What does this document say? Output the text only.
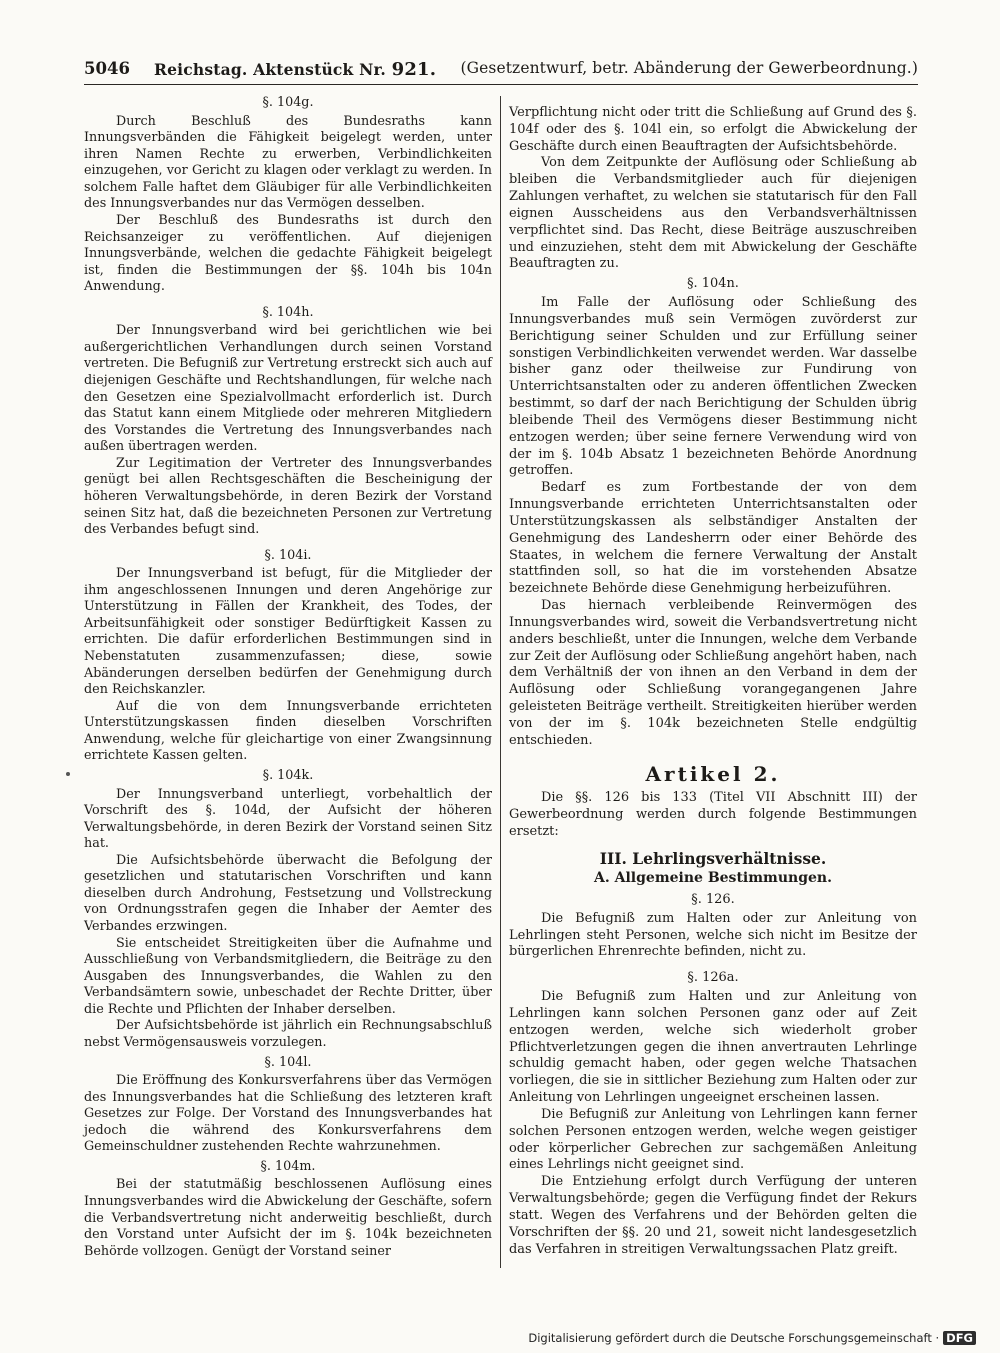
5046 Reichstag. Aktenstück Nr. 921. (Gesetzentwurf, betr. Abänderung der Gewerbeordnung.)
§. 104g.

Durch Beschluß des Bundesraths kann Innungsverbänden die Fähigkeit beigelegt werden, unter ihren Namen Rechte zu erwerben, Verbindlichkeiten einzugehen, vor Gericht zu klagen oder verklagt zu werden. In solchem Falle haftet dem Gläubiger für alle Verbindlichkeiten des Innungsverbandes nur das Vermögen desselben.

Der Beschluß des Bundesraths ist durch den Reichsanzeiger zu veröffentlichen. Auf diejenigen Innungsverbände, welchen die gedachte Fähigkeit beigelegt ist, finden die Bestimmungen der §§. 104h bis 104n Anwendung.

§. 104h.

Der Innungsverband wird bei gerichtlichen wie bei außergerichtlichen Verhandlungen durch seinen Vorstand vertreten. Die Befugniß zur Vertretung erstreckt sich auch auf diejenigen Geschäfte und Rechtshandlungen, für welche nach den Gesetzen eine Spezialvollmacht erforderlich ist. Durch das Statut kann einem Mitgliede oder mehreren Mitgliedern des Vorstandes die Vertretung des Innungsverbandes nach außen übertragen werden.

Zur Legitimation der Vertreter des Innungsverbandes genügt bei allen Rechtsgeschäften die Bescheinigung der höheren Verwaltungsbehörde, in deren Bezirk der Vorstand seinen Sitz hat, daß die bezeichneten Personen zur Vertretung des Verbandes befugt sind.

§. 104i.

Der Innungsverband ist befugt, für die Mitglieder der ihm angeschlossenen Innungen und deren Angehörige zur Unterstützung in Fällen der Krankheit, des Todes, der Arbeitsunfähigkeit oder sonstiger Bedürftigkeit Kassen zu errichten. Die dafür erforderlichen Bestimmungen sind in Nebenstatuten zusammenzufassen; diese, sowie Abänderungen derselben bedürfen der Genehmigung durch den Reichskanzler.

Auf die von dem Innungsverbande errichteten Unterstützungskassen finden dieselben Vorschriften Anwendung, welche für gleichartige von einer Zwangsinnung errichtete Kassen gelten.

§. 104k.

Der Innungsverband unterliegt, vorbehaltlich der Vorschrift des §. 104d, der Aufsicht der höheren Verwaltungsbehörde, in deren Bezirk der Vorstand seinen Sitz hat.

Die Aufsichtsbehörde überwacht die Befolgung der gesetzlichen und statutarischen Vorschriften und kann dieselben durch Androhung, Festsetzung und Vollstreckung von Ordnungsstrafen gegen die Inhaber der Aemter des Verbandes erzwingen.

Sie entscheidet Streitigkeiten über die Aufnahme und Ausschließung von Verbandsmitgliedern, die Beiträge zu den Ausgaben des Innungsverbandes, die Wahlen zu den Verbandsämtern sowie, unbeschadet der Rechte Dritter, über die Rechte und Pflichten der Inhaber derselben.

Der Aufsichtsbehörde ist jährlich ein Rechnungsabschluß nebst Vermögensausweis vorzulegen.

§. 104l.

Die Eröffnung des Konkursverfahrens über das Vermögen des Innungsverbandes hat die Schließung des letzteren kraft Gesetzes zur Folge. Der Vorstand des Innungsverbandes hat jedoch die während des Konkursverfahrens dem Gemeinschuldner zustehenden Rechte wahrzunehmen.

§. 104m.

Bei der statutmäßig beschlossenen Auflösung eines Innungsverbandes wird die Abwickelung der Geschäfte, sofern die Verbandsvertretung nicht anderweitig beschließt, durch den Vorstand unter Aufsicht der im §. 104k bezeichneten Behörde vollzogen. Genügt der Vorstand seiner

Verpflichtung nicht oder tritt die Schließung auf Grund des §. 104f oder des §. 104l ein, so erfolgt die Abwickelung der Geschäfte durch einen Beauftragten der Aufsichtsbehörde.

Von dem Zeitpunkte der Auflösung oder Schließung ab bleiben die Verbandsmitglieder auch für diejenigen Zahlungen verhaftet, zu welchen sie statutarisch für den Fall eignen Ausscheidens aus den Verbandsverhältnissen verpflichtet sind. Das Recht, diese Beiträge auszuschreiben und einzuziehen, steht dem mit Abwickelung der Geschäfte Beauftragten zu.

§. 104n.

Im Falle der Auflösung oder Schließung des Innungsverbandes muß sein Vermögen zuvörderst zur Berichtigung seiner Schulden und zur Erfüllung seiner sonstigen Verbindlichkeiten verwendet werden. War dasselbe bisher ganz oder theilweise zur Fundirung von Unterrichtsanstalten oder zu anderen öffentlichen Zwecken bestimmt, so darf der nach Berichtigung der Schulden übrig bleibende Theil des Vermögens dieser Bestimmung nicht entzogen werden; über seine fernere Verwendung wird von der im §. 104b Absatz 1 bezeichneten Behörde Anordnung getroffen.

Bedarf es zum Fortbestande der von dem Innungsverbande errichteten Unterrichtsanstalten oder Unterstützungskassen als selbständiger Anstalten der Genehmigung des Landesherrn oder einer Behörde des Staates, in welchem die fernere Verwaltung der Anstalt stattfinden soll, so hat die im vorstehenden Absatze bezeichnete Behörde diese Genehmigung herbeizuführen.

Das hiernach verbleibende Reinvermögen des Innungsverbandes wird, soweit die Verbandsvertretung nicht anders beschließt, unter die Innungen, welche dem Verbande zur Zeit der Auflösung oder Schließung angehört haben, nach dem Verhältniß der von ihnen an den Verband in dem der Auflösung oder Schließung vorangegangenen Jahre geleisteten Beiträge vertheilt. Streitigkeiten hierüber werden von der im §. 104k bezeichneten Stelle endgültig entschieden.

Artikel 2.

Die §§. 126 bis 133 (Titel VII Abschnitt III) der Gewerbeordnung werden durch folgende Bestimmungen ersetzt:

III. Lehrlingsverhältnisse.
A. Allgemeine Bestimmungen.
§. 126.

Die Befugniß zum Halten oder zur Anleitung von Lehrlingen steht Personen, welche sich nicht im Besitze der bürgerlichen Ehrenrechte befinden, nicht zu.

§. 126a.

Die Befugniß zum Halten und zur Anleitung von Lehrlingen kann solchen Personen ganz oder auf Zeit entzogen werden, welche sich wiederholt grober Pflichtverletzungen gegen die ihnen anvertrauten Lehrlinge schuldig gemacht haben, oder gegen welche Thatsachen vorliegen, die sie in sittlicher Beziehung zum Halten oder zur Anleitung von Lehrlingen ungeeignet erscheinen lassen.

Die Befugniß zur Anleitung von Lehrlingen kann ferner solchen Personen entzogen werden, welche wegen geistiger oder körperlicher Gebrechen zur sachgemäßen Anleitung eines Lehrlings nicht geeignet sind.

Die Entziehung erfolgt durch Verfügung der unteren Verwaltungsbehörde; gegen die Verfügung findet der Rekurs statt. Wegen des Verfahrens und der Behörden gelten die Vorschriften der §§. 20 und 21, soweit nicht landesgesetzlich das Verfahren in streitigen Verwaltungssachen Platz greift.

Digitalisierung gefördert durch die Deutsche Forschungsgemeinschaft · DFG
